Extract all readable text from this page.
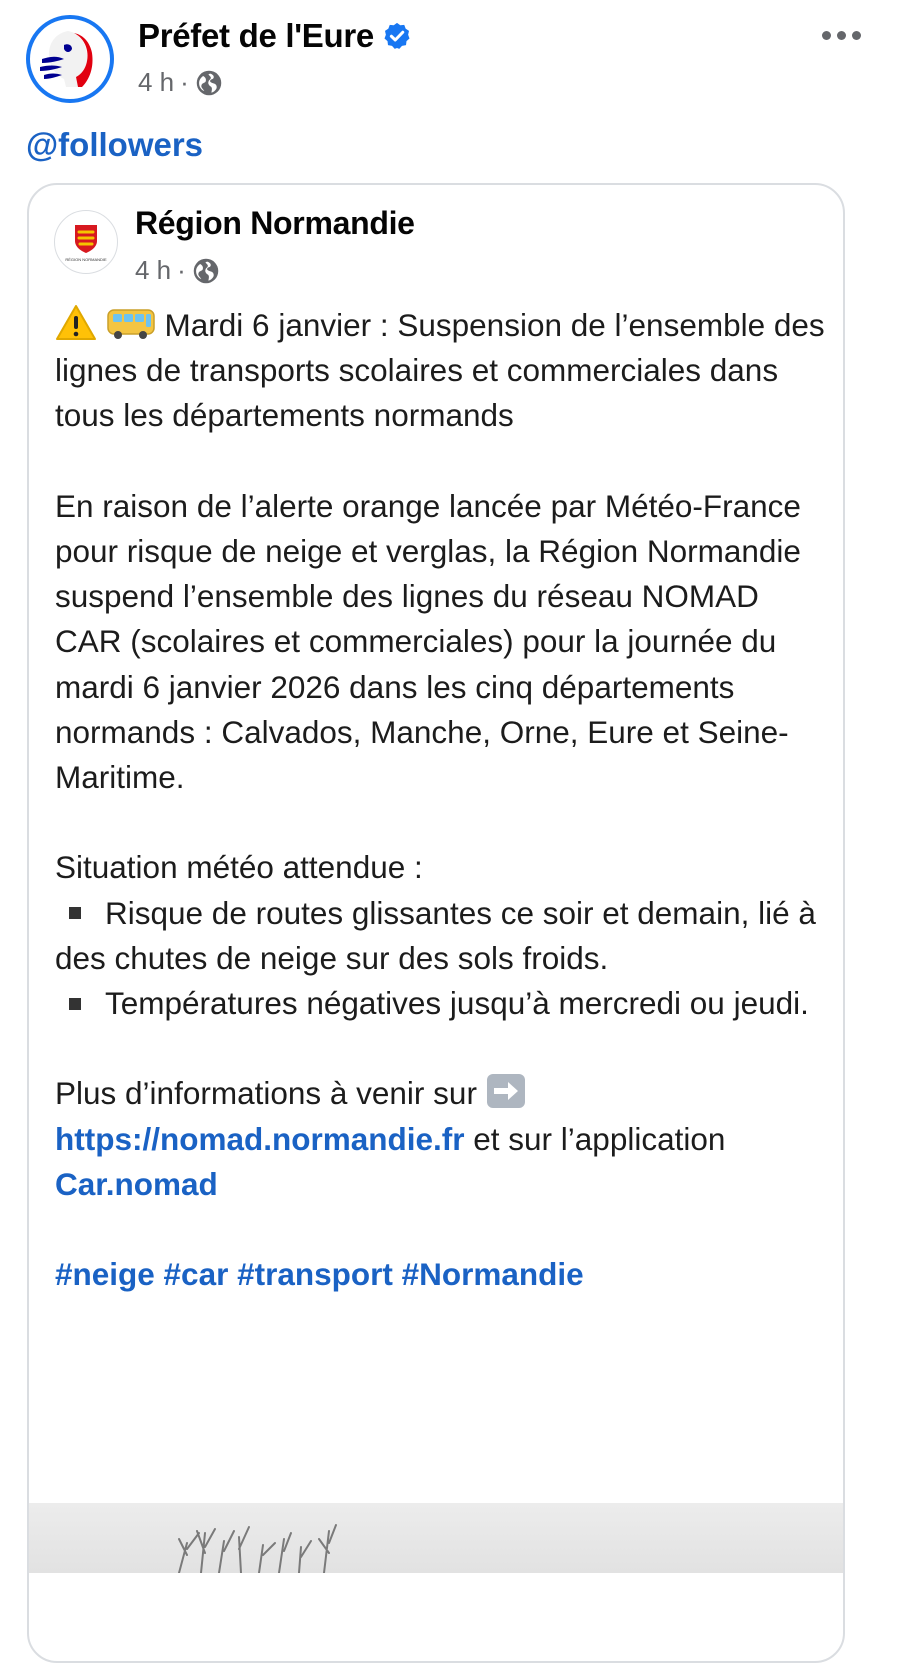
Préfet de l'Eure
4 h ·
@followers
RÉGION NORMANDIE
Région Normandie
4 h ·

Mardi 6 janvier : Suspension de l’ensemble des lignes de transports scolaires et commerciales dans tous les départements normands

En raison de l’alerte orange lancée par Météo-France pour risque de neige et verglas, la Région Normandie suspend l’ensemble des lignes du réseau NOMAD CAR (scolaires et commerciales) pour la journée du mardi 6 janvier 2026 dans les cinq départements normands : Calvados, Manche, Orne, Eure et Seine-Maritime.

Situation météo attendue :

Risque de routes glissantes ce soir et demain, lié à des chutes de neige sur des sols froids.

Températures négatives jusqu’à mercredi ou jeudi.

Plus d’informations à venir sur
https://nomad.normandie.fr et sur l’application Car.nomad

#neige #car #transport #Normandie
